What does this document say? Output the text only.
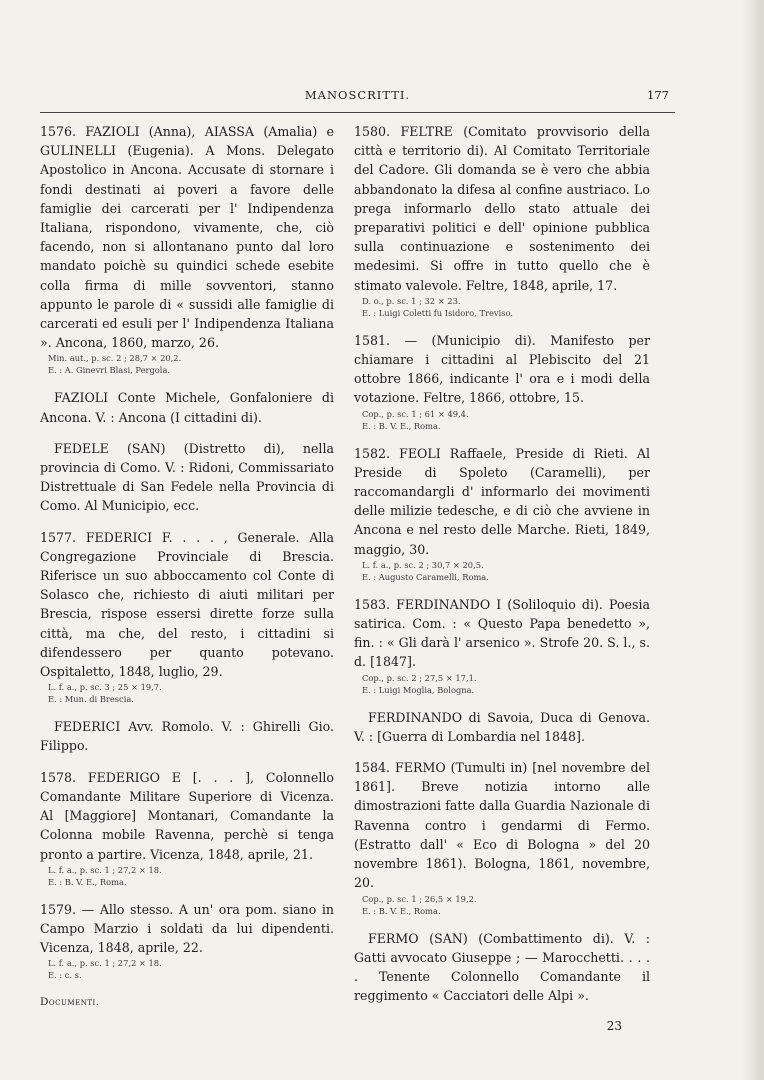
MANOSCRITTI.	177

1576. FAZIOLI (Anna), AIASSA (Amalia) e GULINELLI (Eugenia). A Mons. Delegato Apostolico in Ancona. Accusate di stornare i fondi destinati ai poveri a favore delle famiglie dei carcerati per l' Indipendenza Italiana, rispondono, vivamente, che, ciò facendo, non si allontanano punto dal loro mandato poichè su quindici schede esebite colla firma di mille sovventori, stanno appunto le parole di « sussidi alle famiglie di carcerati ed esuli per l' Indipendenza Italiana ». Ancona, 1860, marzo, 26.

Min. aut., p. sc. 2 ; 28,7 × 20,2.

E. : A. Ginevri Blasi, Pergola.

FAZIOLI Conte Michele, Gonfaloniere di Ancona. V. : Ancona (I cittadini di).

FEDELE (SAN) (Distretto di), nella provincia di Como. V. : Ridoni, Commissariato Distrettuale di San Fedele nella Provincia di Como. Al Municipio, ecc.

1577. FEDERICI F. . . . , Generale. Alla Congregazione Provinciale di Brescia. Riferisce un suo abboccamento col Conte di Solasco che, richiesto di aiuti militari per Brescia, rispose essersi dirette forze sulla città, ma che, del resto, i cittadini si difendessero per quanto potevano. Ospitaletto, 1848, luglio, 29.

L. f. a., p. sc. 3 ; 25 × 19,7.

E. : Mun. di Brescia.

FEDERICI Avv. Romolo. V. : Ghirelli Gio. Filippo.

1578. FEDERIGO E [. . . ], Colonnello Comandante Militare Superiore di Vicenza. Al [Maggiore] Montanari, Comandante la Colonna mobile Ravenna, perchè si tenga pronto a partire. Vicenza, 1848, aprile, 21.

L. f. a., p. sc. 1 ; 27,2 × 18.

E. : B. V. E., Roma.

1579. — Allo stesso. A un' ora pom. siano in Campo Marzio i soldati da lui dipendenti. Vicenza, 1848, aprile, 22.

L. f. a., p. sc. 1 ; 27,2 × 18.

E. : c. s.

Documenti.

1580. FELTRE (Comitato provvisorio della città e territorio di). Al Comitato Territoriale del Cadore. Gli domanda se è vero che abbia abbandonato la difesa al confine austriaco. Lo prega informarlo dello stato attuale dei preparativi politici e dell' opinione pubblica sulla continuazione e sostenimento dei medesimi. Si offre in tutto quello che è stimato valevole. Feltre, 1848, aprile, 17.

D. o., p. sc. 1 ; 32 × 23.

E. : Luigi Coletti fu Isidoro, Treviso.

1581. — (Municipio di). Manifesto per chiamare i cittadini al Plebiscito del 21 ottobre 1866, indicante l' ora e i modi della votazione. Feltre, 1866, ottobre, 15.

Cop., p. sc. 1 ; 61 × 49,4.

E. : B. V. E., Roma.

1582. FEOLI Raffaele, Preside di Rieti. Al Preside di Spoleto (Caramelli), per raccomandargli d' informarlo dei movimenti delle milizie tedesche, e di ciò che avviene in Ancona e nel resto delle Marche. Rieti, 1849, maggio, 30.

L. f. a., p. sc. 2 ; 30,7 × 20,5.

E. : Augusto Caramelli, Roma.

1583. FERDINANDO I (Soliloquio di). Poesia satirica. Com. : « Questo Papa benedetto », fin. : « Gli darà l' arsenico ». Strofe 20. S. l., s. d. [1847].

Cop., p. sc. 2 ; 27,5 × 17,1.

E. : Luigi Moglia, Bologna.

FERDINANDO di Savoia, Duca di Genova. V. : [Guerra di Lombardia nel 1848].

1584. FERMO (Tumulti in) [nel novembre del 1861]. Breve notizia intorno alle dimostrazioni fatte dalla Guardia Nazionale di Ravenna contro i gendarmi di Fermo. (Estratto dall' « Eco di Bologna » del 20 novembre 1861). Bologna, 1861, novembre, 20.

Cop., p. sc. 1 ; 26,5 × 19,2.

E. : B. V. E., Roma.

FERMO (SAN) (Combattimento di). V. : Gatti avvocato Giuseppe ; — Marocchetti. . . . . Tenente Colonnello Comandante il reggimento « Cacciatori delle Alpi ».

23
